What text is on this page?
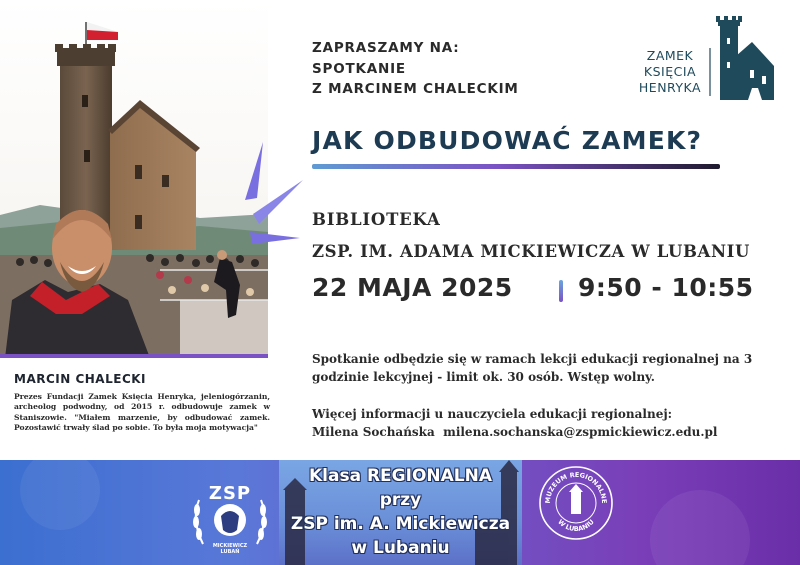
MARCIN CHALECKI
Prezes Fundacji Zamek Księcia Henryka, jeleniogórzanin, archeolog podwodny, od 2015 r. odbudowuje zamek w Staniszowie. "Miałem marzenie, by odbudować zamek. Pozostawić trwały ślad po sobie. To była moja motywacja"
ZAPRASZAMY NA:
SPOTKANIE
Z MARCINEM CHALECKIM
ZAMEK
KSIĘCIA
HENRYKA
JAK ODBUDOWAĆ ZAMEK?
BIBLIOTEKA
ZSP. IM. ADAMA MICKIEWICZA W LUBANIU
22 MAJA 2025	9:50 - 10:55
Spotkanie odbędzie się w ramach lekcji edukacji regionalnej na 3 godzinie lekcyjnej - limit ok. 30 osób. Wstęp wolny.
Więcej informacji u nauczyciela edukacji regionalnej:
Milena Sochańska  milena.sochanska@zspmickiewicz.edu.pl
ZSP
MICKIEWICZ
LUBAŃ
Klasa REGIONALNA
przy
ZSP im. A. Mickiewicza
w Lubaniu
MUZEUM REGIONALNE
W LUBANIU
